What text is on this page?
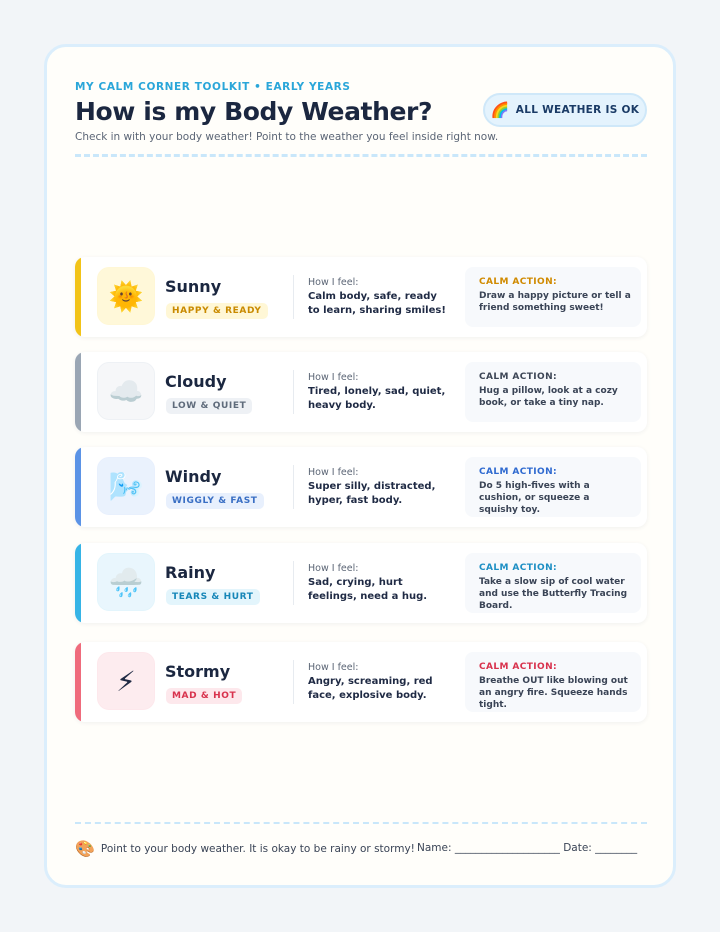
MY CALM CORNER TOOLKIT • EARLY YEARS
How is my Body Weather?
Check in with your body weather! Point to the weather you feel inside right now.
🌈 ALL WEATHER IS OK
🌞	Sunny
HAPPY & READY
How I feel:
Calm body, safe, ready to learn, sharing smiles!
CALM ACTION:
Draw a happy picture or tell a friend something sweet!
☁️	Cloudy
LOW & QUIET
How I feel:
Tired, lonely, sad, quiet, heavy body.
CALM ACTION:
Hug a pillow, look at a cozy book, or take a tiny nap.
🌬️	Windy
WIGGLY & FAST
How I feel:
Super silly, distracted, hyper, fast body.
CALM ACTION:
Do 5 high-fives with a cushion, or squeeze a squishy toy.
🌧️	Rainy
TEARS & HURT
How I feel:
Sad, crying, hurt feelings, need a hug.
CALM ACTION:
Take a slow sip of cool water and use the Butterfly Tracing Board.
⚡	Stormy
MAD & HOT
How I feel:
Angry, screaming, red face, explosive body.
CALM ACTION:
Breathe OUT like blowing out an angry fire. Squeeze hands tight.
🎨 Point to your body weather. It is okay to be rainy or stormy! Name: ____________________ Date: ________
